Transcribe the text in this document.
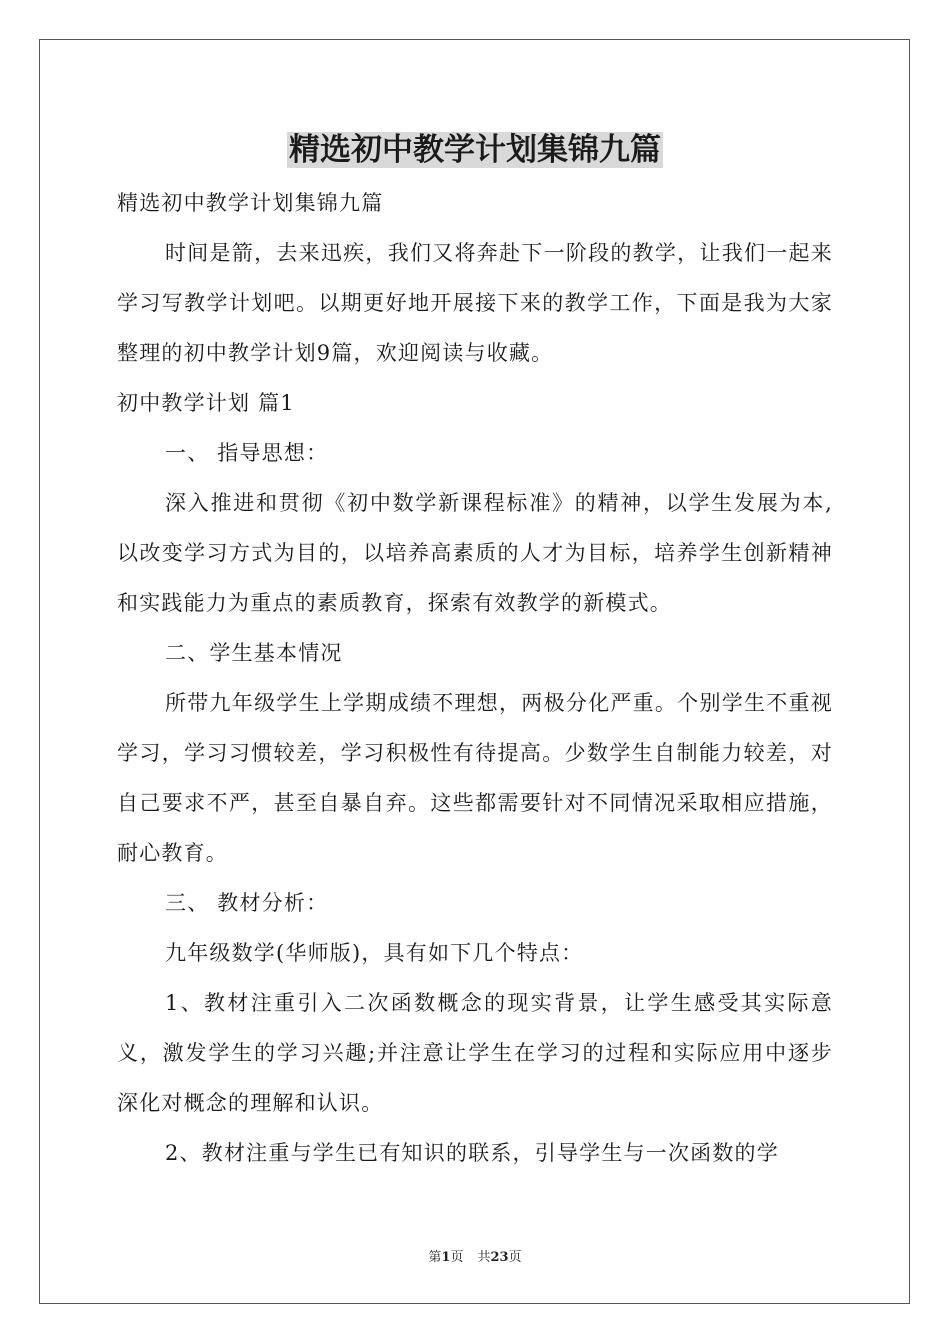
精选初中教学计划集锦九篇

精选初中教学计划集锦九篇

时间是箭，去来迅疾，我们又将奔赴下一阶段的教学，让我们一起来学习写教学计划吧。以期更好地开展接下来的教学工作，下面是我为大家整理的初中教学计划9篇，欢迎阅读与收藏。

初中教学计划 篇1

一、 指导思想：

深入推进和贯彻《初中数学新课程标准》的精神，以学生发展为本,以改变学习方式为目的，以培养高素质的人才为目标，培养学生创新精神和实践能力为重点的素质教育，探索有效教学的新模式。

二、学生基本情况

所带九年级学生上学期成绩不理想，两极分化严重。个别学生不重视学习，学习习惯较差，学习积极性有待提高。少数学生自制能力较差，对自己要求不严，甚至自暴自弃。这些都需要针对不同情况采取相应措施，耐心教育。

三、 教材分析：

九年级数学(华师版)，具有如下几个特点：

1、教材注重引入二次函数概念的现实背景，让学生感受其实际意义，激发学生的学习兴趣;并注意让学生在学习的过程和实际应用中逐步深化对概念的理解和认识。

2、教材注重与学生已有知识的联系，引导学生与一次函数的学

第1页 共23页
